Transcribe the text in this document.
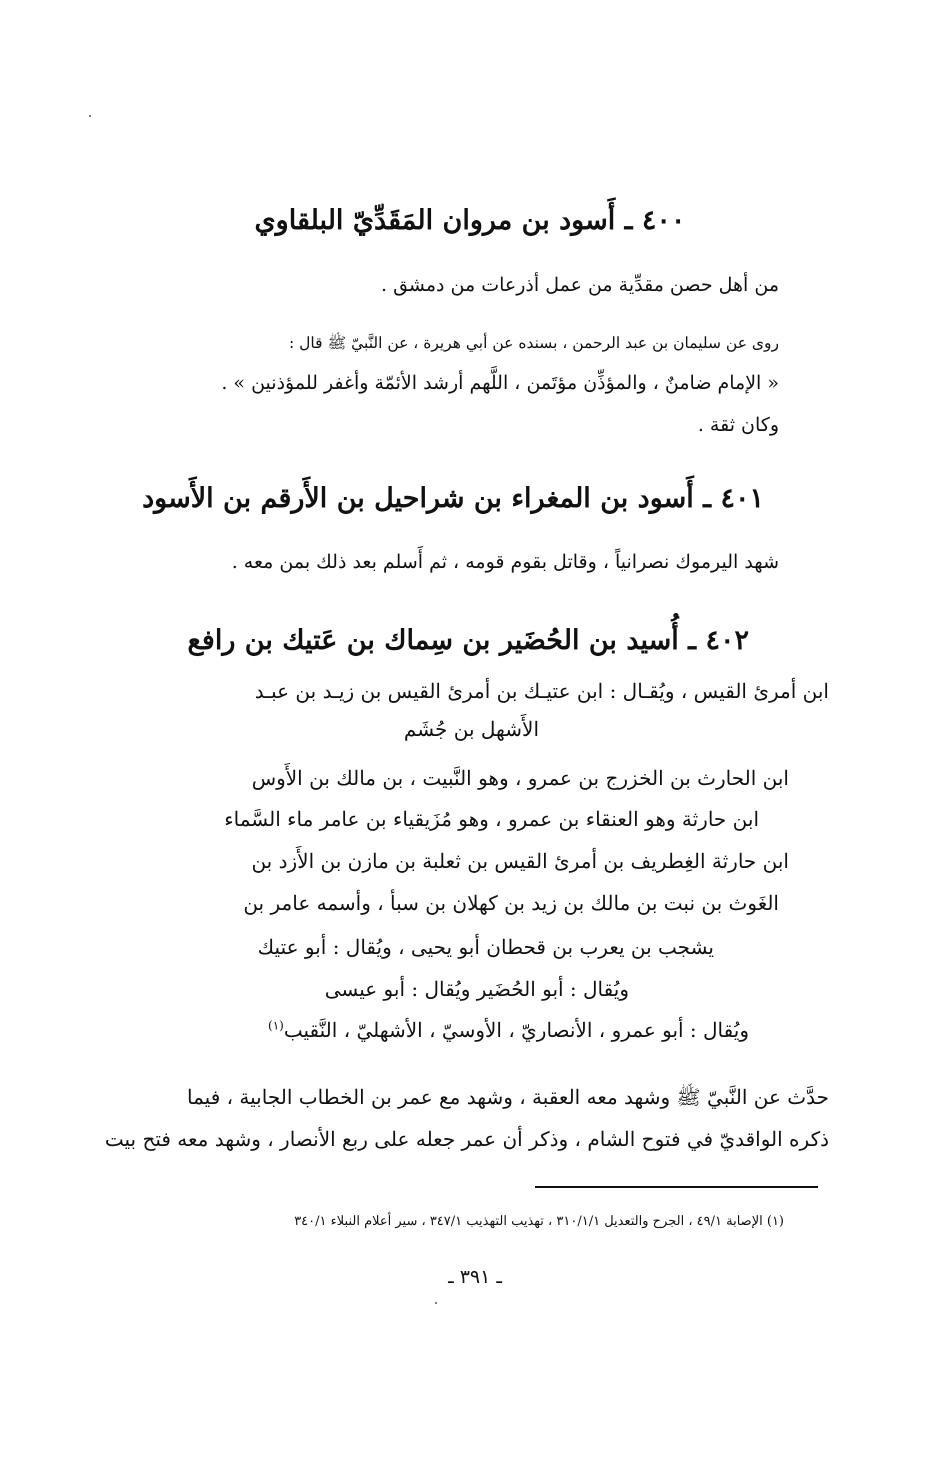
٤٠٠ ـ أَسود بن مروان المَقَدِّيّ البلقاوي
من أهل حصن مقدِّية من عمل أذرعات من دمشق .
روى عن سليمان بن عبد الرحمن ، بسنده عن أبي هريرة ، عن النَّبيّ ﷺ قال :
« الإمام ضامنٌ ، والمؤذِّن مؤتَمن ، اللَّهم أرشد الأئمّة وأغفر للمؤذنين » .
وكان ثقة .
٤٠١ ـ أَسود بن المغراء بن شراحيل بن الأَرقم بن الأَسود
شهد اليرموك نصرانياً ، وقاتل بقوم قومه ، ثم أَسلم بعد ذلك بمن معه .
٤٠٢ ـ أُسيد بن الحُضَير بن سِماك بن عَتيك بن رافع
ابن أمرئ القيس ، ويُقـال : ابن عتيـك بن أمرئ القيس بن زيـد بن عبـد
الأَشهل بن جُشَم
ابن الحارث بن الخزرج بن عمرو ، وهو النَّبيت ، بن مالك بن الأَوس
ابن حارثة وهو العنقاء بن عمرو ، وهو مُزَيقياء بن عامر ماء السَّماء
ابن حارثة الغِطريف بن أمرئ القيس بن ثعلبة بن مازن بن الأَزد بن
الغَوث بن نبت بن مالك بن زيد بن كهلان بن سبأ ، وأسمه عامر بن
يشجب بن يعرب بن قحطان أبو يحيى ، ويُقال : أبو عتيك
ويُقال : أبو الحُضَير ويُقال : أبو عيسى
ويُقال : أبو عمرو ، الأنصاريّ ، الأوسيّ ، الأشهليّ ، النَّقيب$^{(١)}$
حدَّث عن النَّبيّ ﷺ وشهد معه العقبة ، وشهد مع عمر بن الخطاب الجابية ، فيما
ذكره الواقديّ في فتوح الشام ، وذكر أن عمر جعله على ربع الأنصار ، وشهد معه فتح بيت
(١) الإصابة ٤٩/١ ، الجرح والتعديل ٣١٠/١/١ ، تهذيب التهذيب ٣٤٧/١ ، سير أعلام النبلاء ٣٤٠/١
ـ ٣٩١ ـ
